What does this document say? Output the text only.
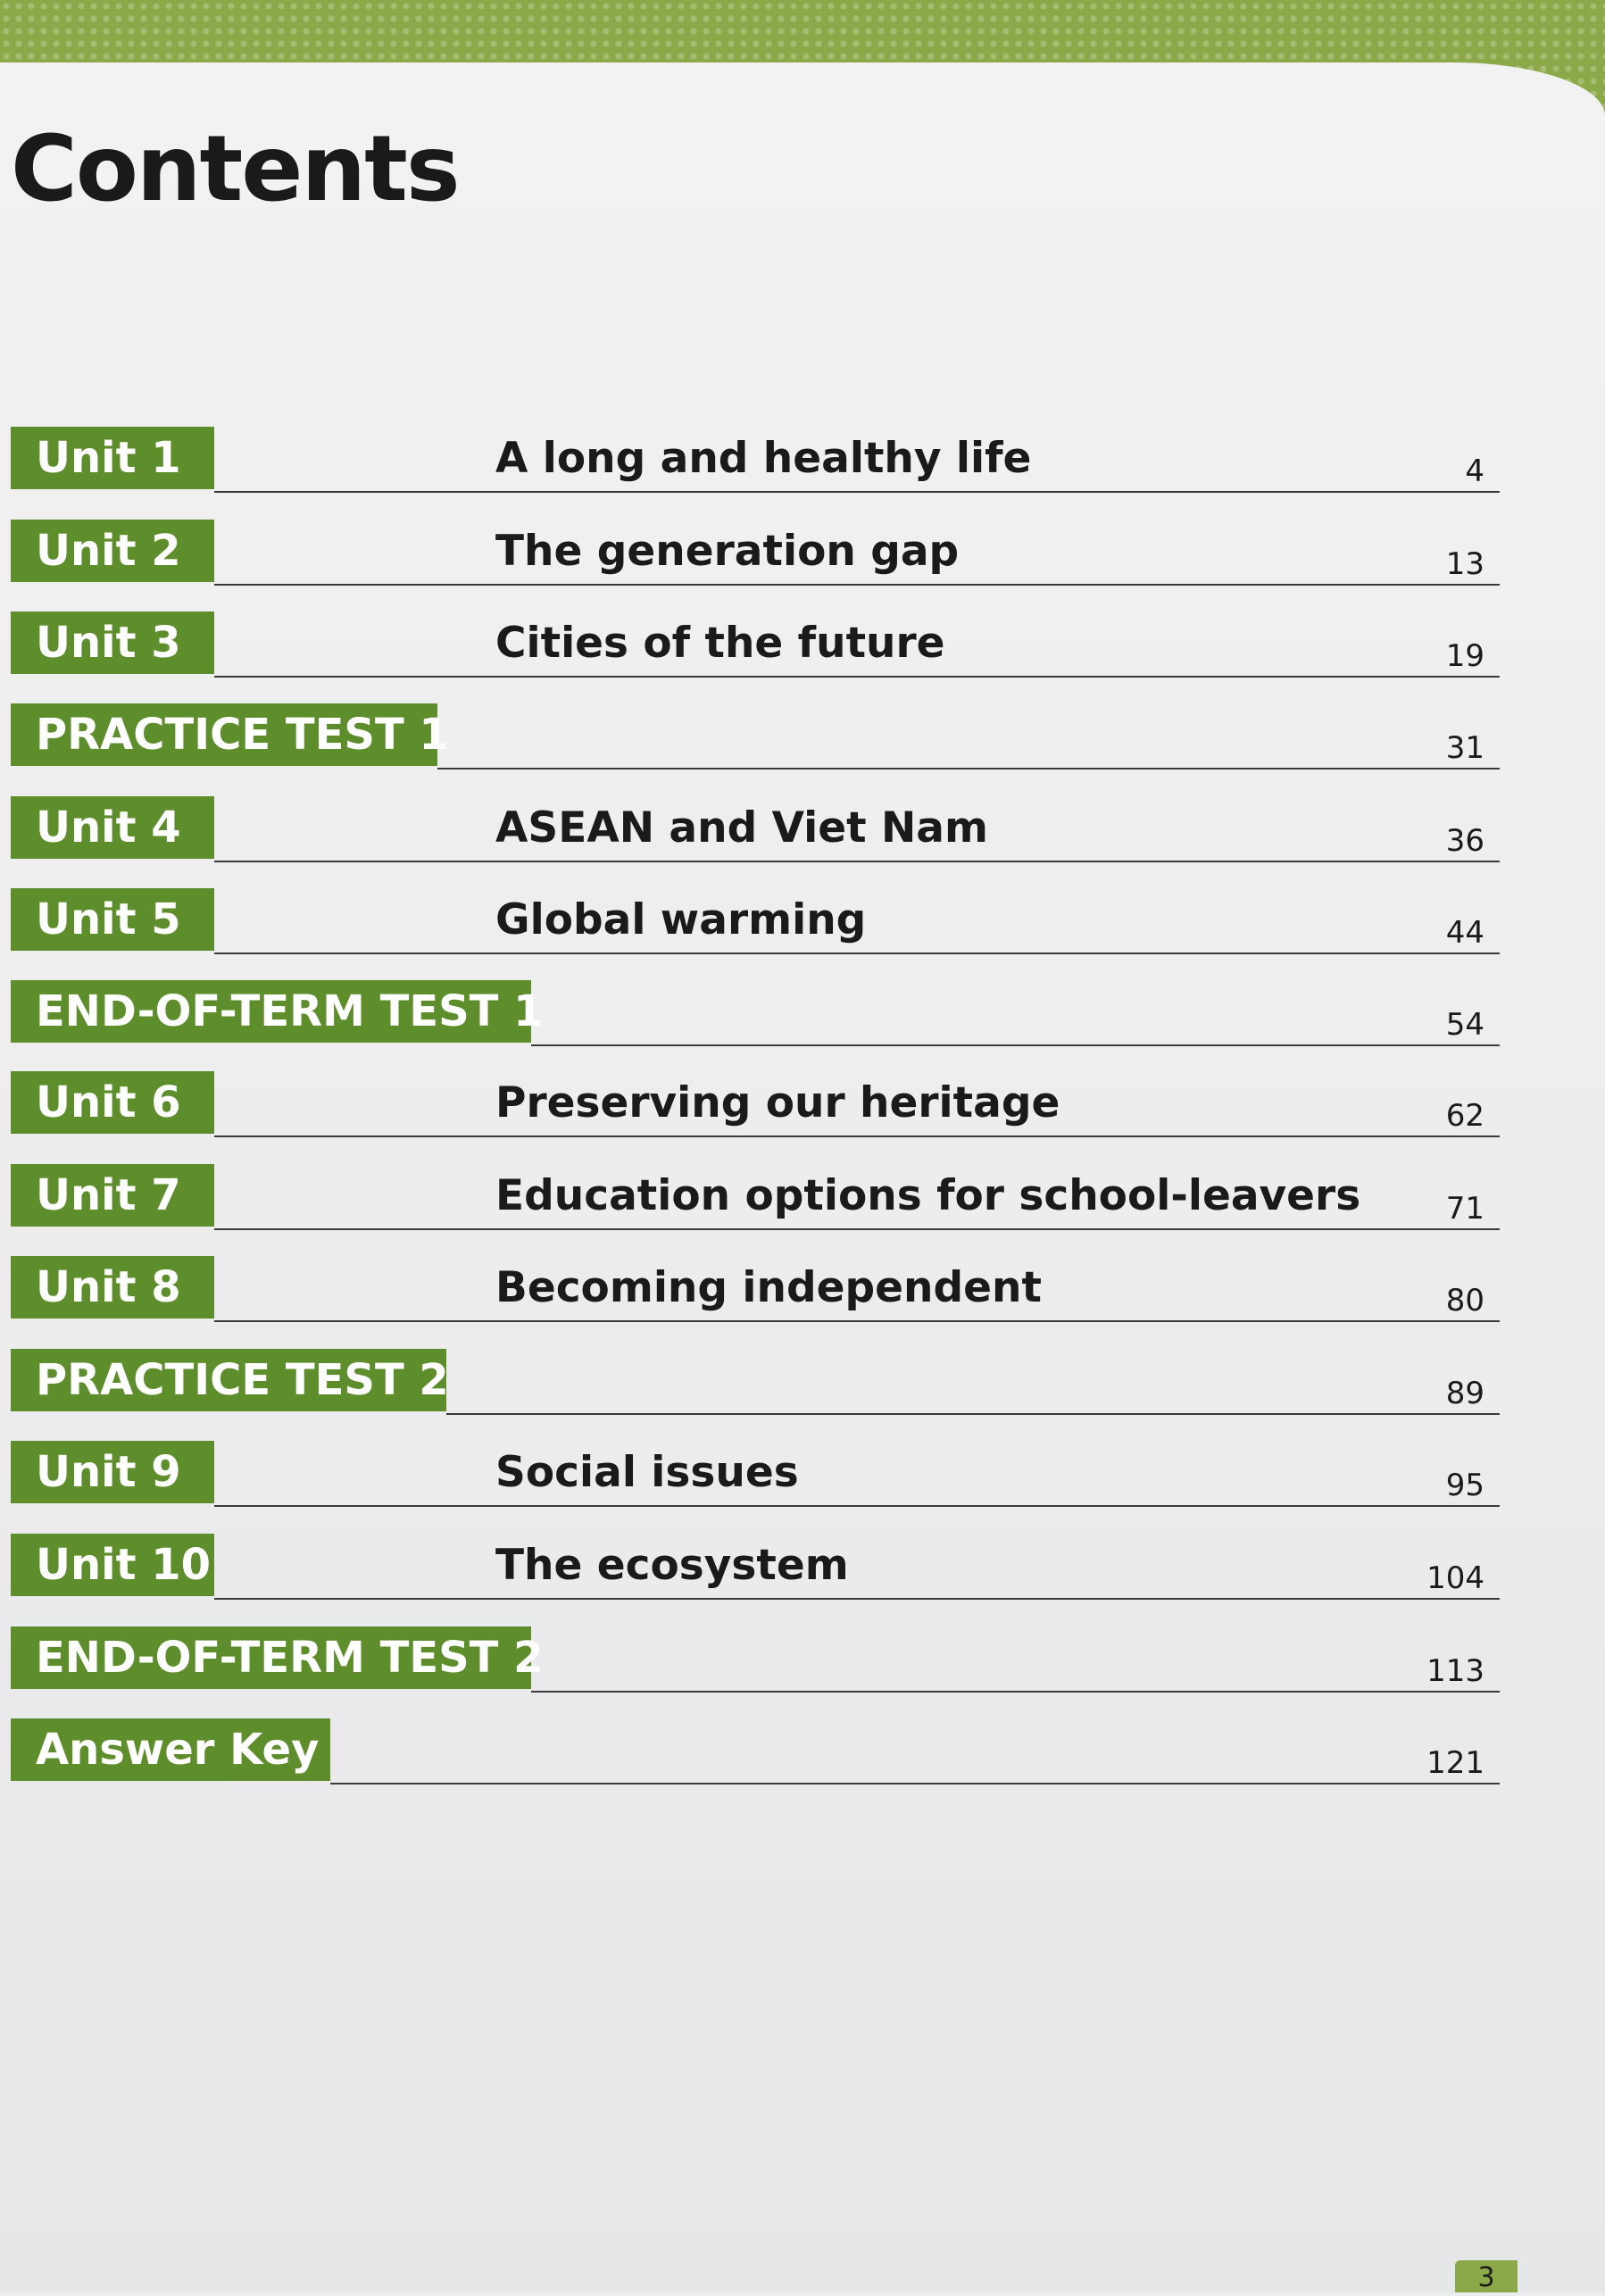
Contents
Unit 1	A long and healthy life	4
Unit 2	The generation gap	13
Unit 3	Cities of the future	19
PRACTICE TEST 1	31
Unit 4	ASEAN and Viet Nam	36
Unit 5	Global warming	44
END-OF-TERM TEST 1	54
Unit 6	Preserving our heritage	62
Unit 7	Education options for school-leavers	71
Unit 8	Becoming independent	80
PRACTICE TEST 2	89
Unit 9	Social issues	95
Unit 10	The ecosystem	104
END-OF-TERM TEST 2	113
Answer Key	121
3
